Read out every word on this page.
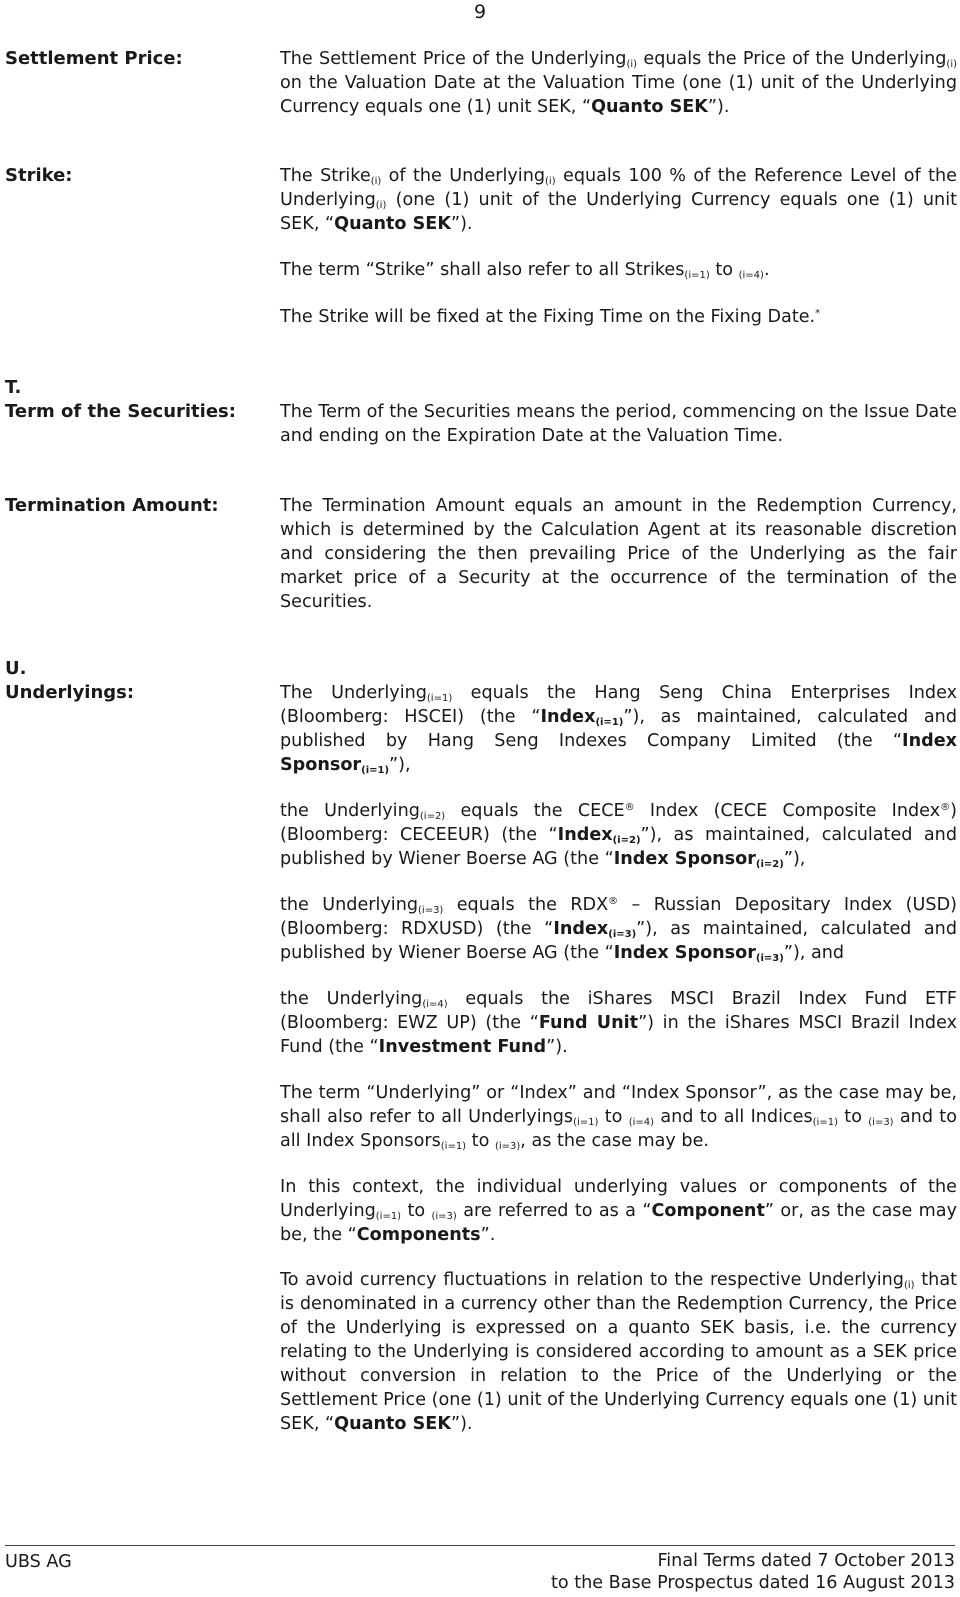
9
Settlement Price:	The Settlement Price of the Underlying$_{(i)}$ equals the Price of the Underlying$_{(i)}$ on the Valuation Date at the Valuation Time (one (1) unit of the Underlying Currency equals one (1) unit SEK, “Quanto SEK”).

Strike:	The Strike$_{(i)}$ of the Underlying$_{(i)}$ equals 100 % of the Reference Level of the Underlying$_{(i)}$ (one (1) unit of the Underlying Currency equals one (1) unit SEK, “Quanto SEK”).

The term “Strike” shall also refer to all Strikes$_{(i=1)}$ to $_{(i=4)}$.

The Strike will be fixed at the Fixing Time on the Fixing Date.*

T.
Term of the Securities:	The Term of the Securities means the period, commencing on the Issue Date and ending on the Expiration Date at the Valuation Time.

Termination Amount:	The Termination Amount equals an amount in the Redemption Currency, which is determined by the Calculation Agent at its reasonable discretion and considering the then prevailing Price of the Underlying as the fair market price of a Security at the occurrence of the termination of the Securities.

U.
Underlyings:	The Underlying$_{(i=1)}$ equals the Hang Seng China Enterprises Index (Bloomberg: HSCEI) (the “Index$_{(i=1)}$”), as maintained, calculated and published by Hang Seng Indexes Company Limited (the “Index Sponsor$_{(i=1)}$”),

the Underlying$_{(i=2)}$ equals the CECE® Index (CECE Composite Index®) (Bloomberg: CECEEUR) (the “Index$_{(i=2)}$”), as maintained, calculated and published by Wiener Boerse AG (the “Index Sponsor$_{(i=2)}$”),

the Underlying$_{(i=3)}$ equals the RDX® – Russian Depositary Index (USD) (Bloomberg: RDXUSD) (the “Index$_{(i=3)}$”), as maintained, calculated and published by Wiener Boerse AG (the “Index Sponsor$_{(i=3)}$”), and

the Underlying$_{(i=4)}$ equals the iShares MSCI Brazil Index Fund ETF (Bloomberg: EWZ UP) (the “Fund Unit”) in the iShares MSCI Brazil Index Fund (the “Investment Fund”).

The term “Underlying” or “Index” and “Index Sponsor”, as the case may be, shall also refer to all Underlyings$_{(i=1)}$ to $_{(i=4)}$ and to all Indices$_{(i=1)}$ to $_{(i=3)}$ and to all Index Sponsors$_{(i=1)}$ to $_{(i=3)}$, as the case may be.

In this context, the individual underlying values or components of the Underlying$_{(i=1)}$ to $_{(i=3)}$ are referred to as a “Component” or, as the case may be, the “Components”.

To avoid currency fluctuations in relation to the respective Underlying$_{(i)}$ that is denominated in a currency other than the Redemption Currency, the Price of the Underlying is expressed on a quanto SEK basis, i.e. the currency relating to the Underlying is considered according to amount as a SEK price without conversion in relation to the Price of the Underlying or the Settlement Price (one (1) unit of the Underlying Currency equals one (1) unit SEK, “Quanto SEK”).

UBS AG	Final Terms dated 7 October 2013
to the Base Prospectus dated 16 August 2013
